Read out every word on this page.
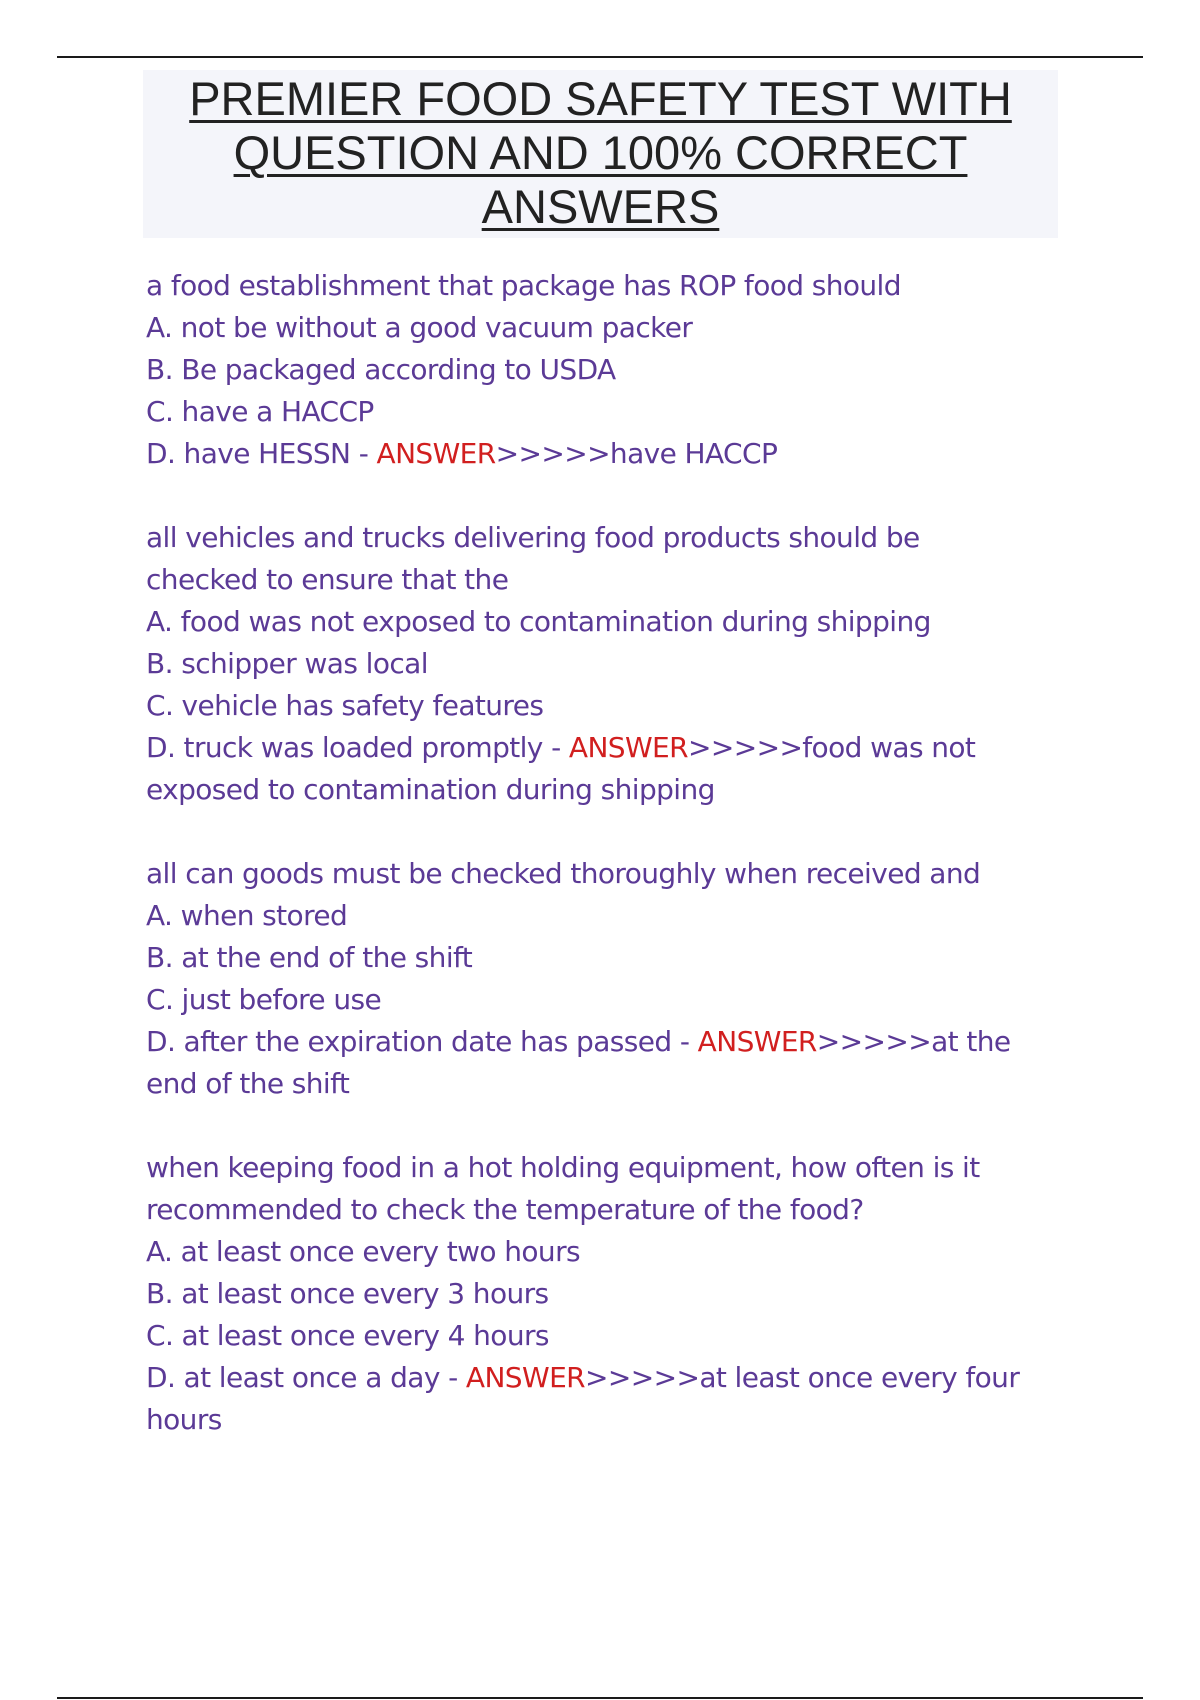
PREMIER FOOD SAFETY TEST WITH
QUESTION AND 100% CORRECT
ANSWERS
a food establishment that package has ROP food should
A. not be without a good vacuum packer
B. Be packaged according to USDA
C. have a HACCP
D. have HESSN - ANSWER>>>>>have HACCP
all vehicles and trucks delivering food products should be
checked to ensure that the
A. food was not exposed to contamination during shipping
B. schipper was local
C. vehicle has safety features
D. truck was loaded promptly - ANSWER>>>>>food was not
exposed to contamination during shipping
all can goods must be checked thoroughly when received and
A. when stored
B. at the end of the shift
C. just before use
D. after the expiration date has passed - ANSWER>>>>>at the
end of the shift
when keeping food in a hot holding equipment, how often is it
recommended to check the temperature of the food?
A. at least once every two hours
B. at least once every 3 hours
C. at least once every 4 hours
D. at least once a day - ANSWER>>>>>at least once every four
hours
